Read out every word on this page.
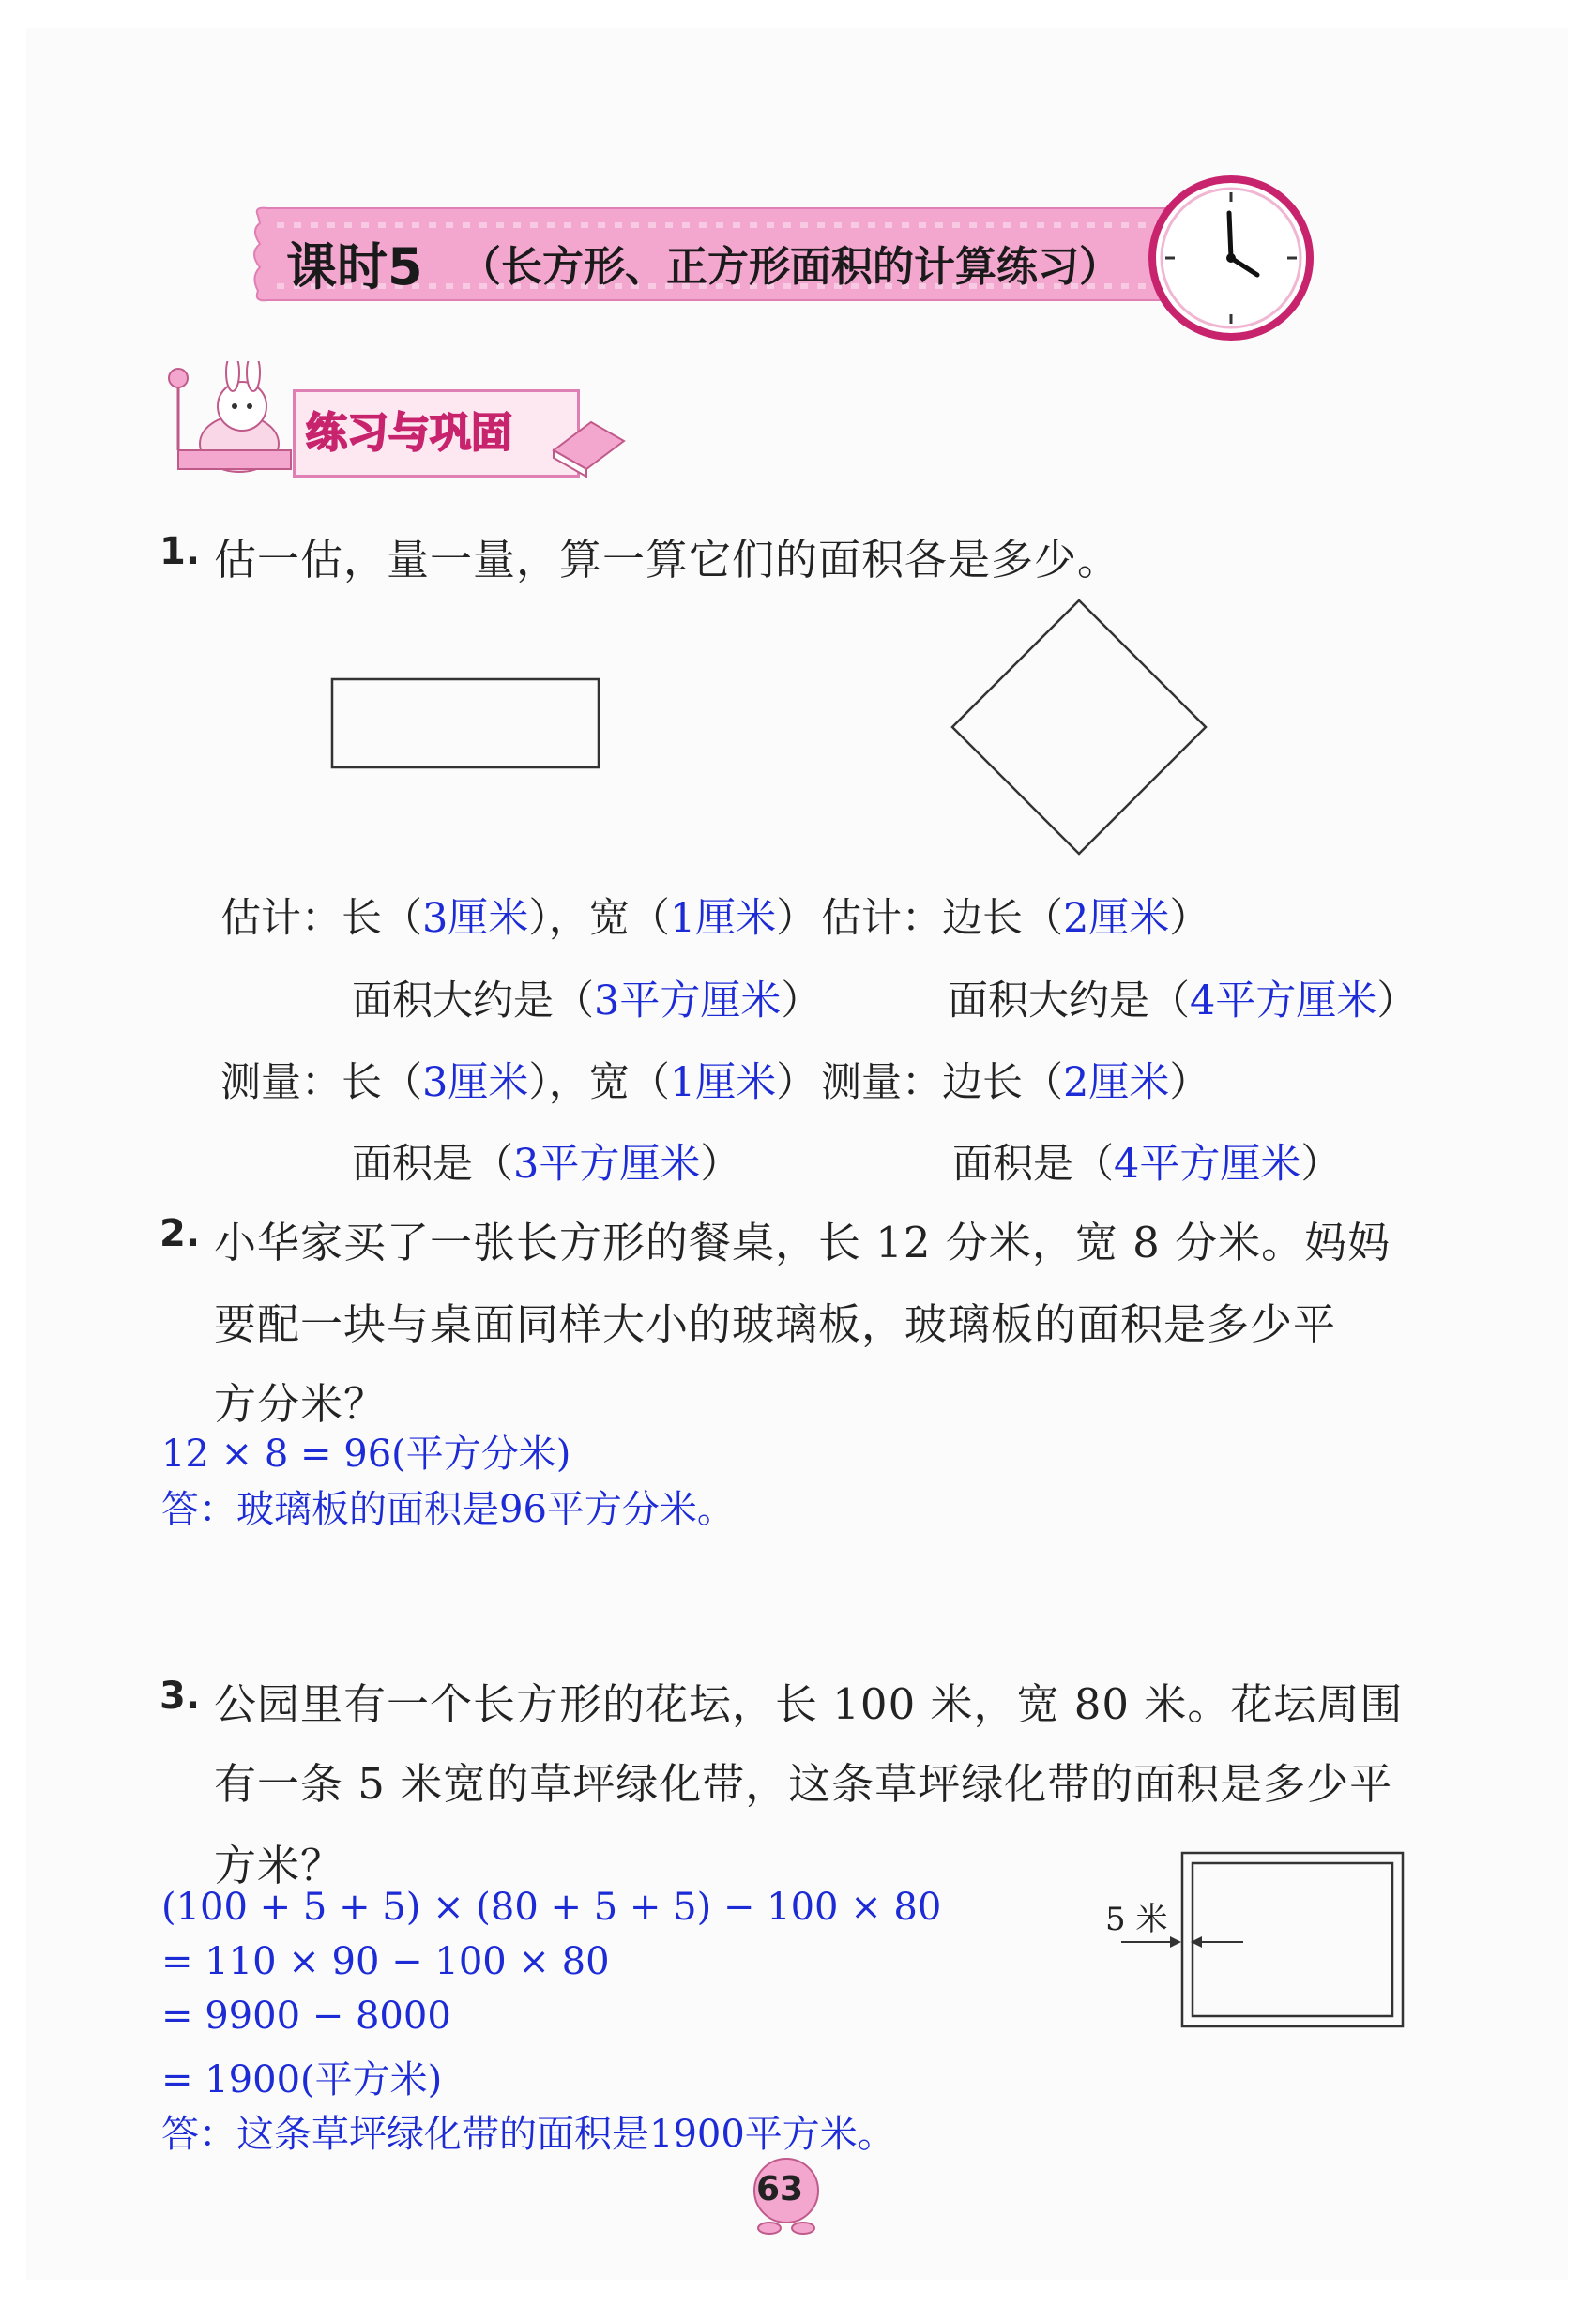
课时5 （长方形、正方形面积的计算练习）
练习与巩固
1. 估一估，量一量，算一算它们的面积各是多少。
估计：长（3厘米），宽（1厘米）
面积大约是（3平方厘米）
测量：长（3厘米），宽（1厘米）
面积是（3平方厘米）
估计：边长（2厘米）
面积大约是（4平方厘米）
测量：边长（2厘米）
面积是（4平方厘米）
2. 小华家买了一张长方形的餐桌，长 12 分米，宽 8 分米。妈妈
要配一块与桌面同样大小的玻璃板，玻璃板的面积是多少平
方分米？
12 × 8 = 96(平方分米)
答：玻璃板的面积是96平方分米。
3. 公园里有一个长方形的花坛，长 100 米，宽 80 米。花坛周围
有一条 5 米宽的草坪绿化带，这条草坪绿化带的面积是多少平
方米？
5 米
(100 + 5 + 5) × (80 + 5 + 5) − 100 × 80
= 110 × 90 − 100 × 80
= 9900 − 8000
= 1900(平方米)
答：这条草坪绿化带的面积是1900平方米。
63
